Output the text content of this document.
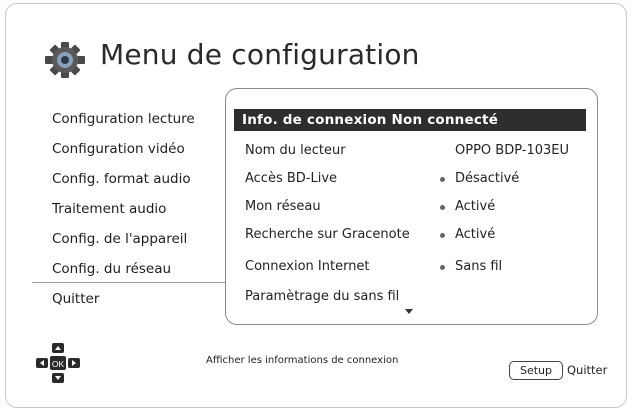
Menu de configuration
Configuration lecture
Configuration vidéo
Config. format audio
Traitement audio
Config. de l'appareil
Config. du réseau
Quitter
Info. de connexion Non connecté
Nom du lecteur	OPPO BDP-103EU
Accès BD-Live	Désactivé
Mon réseau	Activé
Recherche sur Gracenote	Activé
Connexion Internet	Sans fil
Paramètrage du sans fil
OK	Afficher les informations de connexion
Setup	Quitter
